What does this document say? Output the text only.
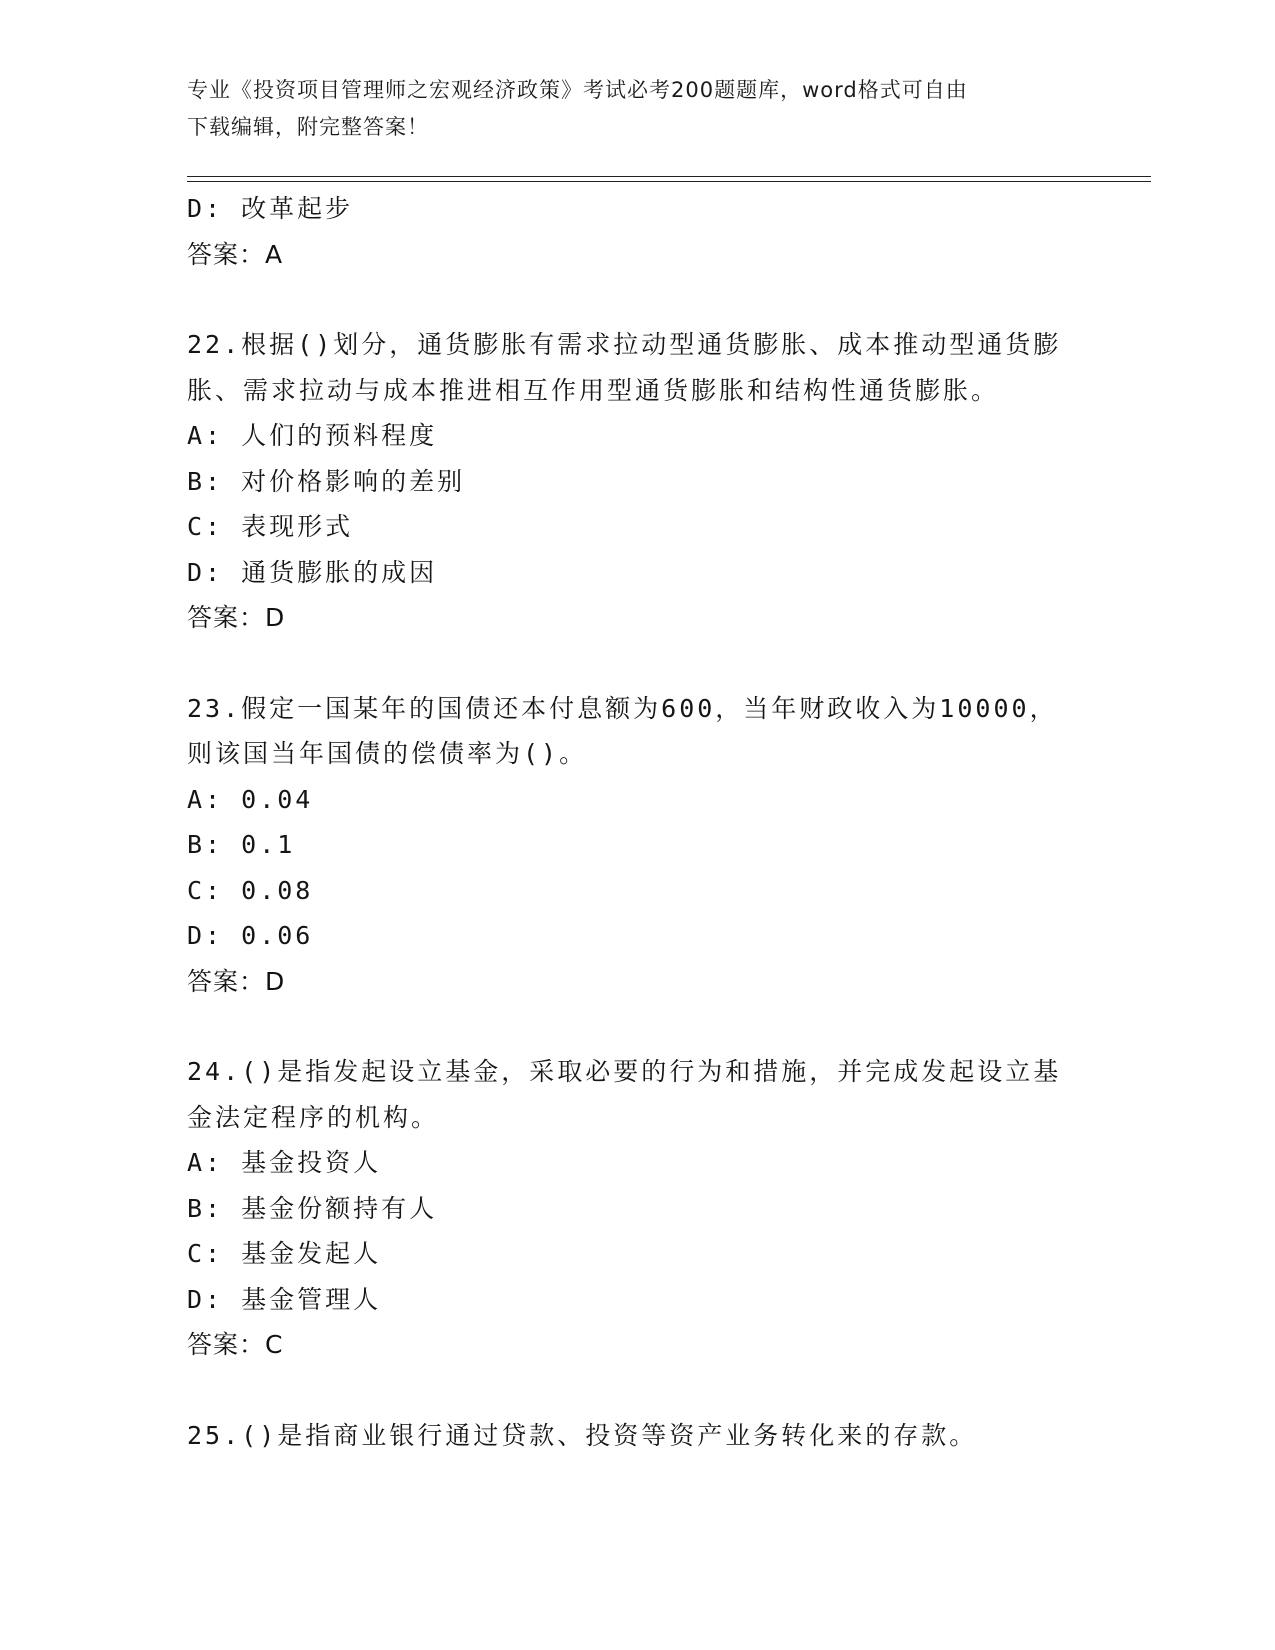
专业《投资项目管理师之宏观经济政策》考试必考200题题库，word格式可自由
下载编辑，附完整答案！
D: 改革起步
答案：A
22.根据()划分，通货膨胀有需求拉动型通货膨胀、成本推动型通货膨
胀、需求拉动与成本推进相互作用型通货膨胀和结构性通货膨胀。
A: 人们的预料程度
B: 对价格影响的差别
C: 表现形式
D: 通货膨胀的成因
答案：D
23.假定一国某年的国债还本付息额为600，当年财政收入为10000，
则该国当年国债的偿债率为()。
A: 0.04
B: 0.1
C: 0.08
D: 0.06
答案：D
24.()是指发起设立基金，采取必要的行为和措施，并完成发起设立基
金法定程序的机构。
A: 基金投资人
B: 基金份额持有人
C: 基金发起人
D: 基金管理人
答案：C
25.()是指商业银行通过贷款、投资等资产业务转化来的存款。
